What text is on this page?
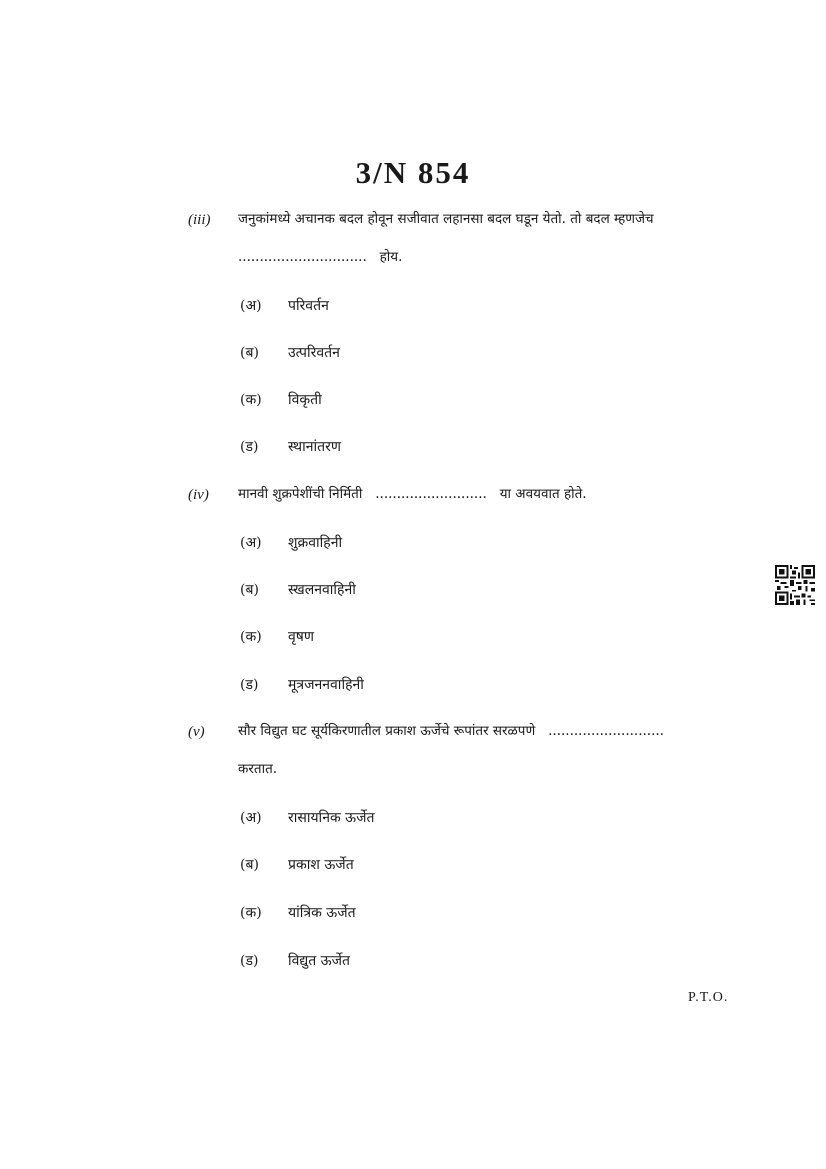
3/N 854
(iii) जनुकांमध्ये अचानक बदल होवून सजीवात लहानसा बदल घडून येतो. तो बदल म्हणजेच
.............................. होय.
(अ) परिवर्तन
(ब) उत्परिवर्तन
(क) विकृती
(ड) स्थानांतरण
(iv) मानवी शुक्रपेशींची निर्मिती .......................... या अवयवात होते.
(अ) शुक्रवाहिनी
(ब) स्खलनवाहिनी
(क) वृषण
(ड) मूत्रजननवाहिनी
(v) सौर विद्युत घट सूर्यकिरणातील प्रकाश ऊर्जेचे रूपांतर सरळपणे ...........................
करतात.
(अ) रासायनिक ऊर्जेत
(ब) प्रकाश ऊर्जेत
(क) यांत्रिक ऊर्जेत
(ड) विद्युत ऊर्जेत
P.T.O.
